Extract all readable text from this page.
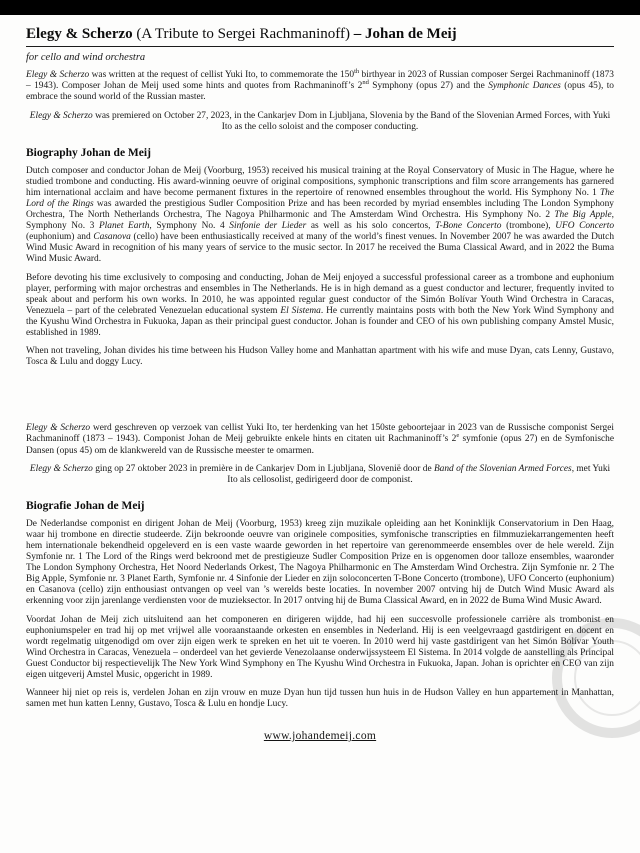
Elegy & Scherzo (A Tribute to Sergei Rachmaninoff) – Johan de Meij
for cello and wind orchestra

Elegy & Scherzo was written at the request of cellist Yuki Ito, to commemorate the 150th birthyear in 2023 of Russian composer Sergei Rachmaninoff (1873 – 1943). Composer Johan de Meij used some hints and quotes from Rachmaninoff’s 2nd Symphony (opus 27) and the Symphonic Dances (opus 45), to embrace the sound world of the Russian master.

Elegy & Scherzo was premiered on October 27, 2023, in the Cankarjev Dom in Ljubljana, Slovenia by the Band of the Slovenian Armed Forces, with Yuki Ito as the cello soloist and the composer conducting.

Biography Johan de Meij

Dutch composer and conductor Johan de Meij (Voorburg, 1953) received his musical training at the Royal Conservatory of Music in The Hague, where he studied trombone and conducting. His award-winning oeuvre of original compositions, symphonic transcriptions and film score arrangements has garnered him international acclaim and have become permanent fixtures in the repertoire of renowned ensembles throughout the world. His Symphony No. 1 The Lord of the Rings was awarded the prestigious Sudler Composition Prize and has been recorded by myriad ensembles including The London Symphony Orchestra, The North Netherlands Orchestra, The Nagoya Philharmonic and The Amsterdam Wind Orchestra. His Symphony No. 2 The Big Apple, Symphony No. 3 Planet Earth, Symphony No. 4 Sinfonie der Lieder as well as his solo concertos, T-Bone Concerto (trombone), UFO Concerto (euphonium) and Casanova (cello) have been enthusiastically received at many of the world’s finest venues. In November 2007 he was awarded the Dutch Wind Music Award in recognition of his many years of service to the music sector. In 2017 he received the Buma Classical Award, and in 2022 the Buma Wind Music Award.

Before devoting his time exclusively to composing and conducting, Johan de Meij enjoyed a successful professional career as a trombone and euphonium player, performing with major orchestras and ensembles in The Netherlands. He is in high demand as a guest conductor and lecturer, frequently invited to speak about and perform his own works. In 2010, he was appointed regular guest conductor of the Simón Bolívar Youth Wind Orchestra in Caracas, Venezuela – part of the celebrated Venezuelan educational system El Sistema. He currently maintains posts with both the New York Wind Symphony and the Kyushu Wind Orchestra in Fukuoka, Japan as their principal guest conductor. Johan is founder and CEO of his own publishing company Amstel Music, established in 1989.

When not traveling, Johan divides his time between his Hudson Valley home and Manhattan apartment with his wife and muse Dyan, cats Lenny, Gustavo, Tosca & Lulu and doggy Lucy.

Elegy & Scherzo werd geschreven op verzoek van cellist Yuki Ito, ter herdenking van het 150ste geboortejaar in 2023 van de Russische componist Sergei Rachmaninoff (1873 – 1943). Componist Johan de Meij gebruikte enkele hints en citaten uit Rachmaninoff’s 2e symfonie (opus 27) en de Symfonische Dansen (opus 45) om de klankwereld van de Russische meester te omarmen.

Elegy & Scherzo ging op 27 oktober 2023 in première in de Cankarjev Dom in Ljubljana, Slovenië door de Band of the Slovenian Armed Forces, met Yuki Ito als cellosolist, gedirigeerd door de componist.

Biografie Johan de Meij

De Nederlandse componist en dirigent Johan de Meij (Voorburg, 1953) kreeg zijn muzikale opleiding aan het Koninklijk Conservatorium in Den Haag, waar hij trombone en directie studeerde. Zijn bekroonde oeuvre van originele composities, symfonische transcripties en filmmuziekarrangementen heeft hem internationale bekendheid opgeleverd en is een vaste waarde geworden in het repertoire van gerenommeerde ensembles over de hele wereld. Zijn Symfonie nr. 1 The Lord of the Rings werd bekroond met de prestigieuze Sudler Composition Prize en is opgenomen door talloze ensembles, waaronder The London Symphony Orchestra, Het Noord Nederlands Orkest, The Nagoya Philharmonic en The Amsterdam Wind Orchestra. Zijn Symfonie nr. 2 The Big Apple, Symfonie nr. 3 Planet Earth, Symfonie nr. 4 Sinfonie der Lieder en zijn soloconcerten T-Bone Concerto (trombone), UFO Concerto (euphonium) en Casanova (cello) zijn enthousiast ontvangen op veel van ’s werelds beste locaties. In november 2007 ontving hij de Dutch Wind Music Award als erkenning voor zijn jarenlange verdiensten voor de muzieksector. In 2017 ontving hij de Buma Classical Award, en in 2022 de Buma Wind Music Award.

Voordat Johan de Meij zich uitsluitend aan het componeren en dirigeren wijdde, had hij een succesvolle professionele carrière als trombonist en euphoniumspeler en trad hij op met vrijwel alle vooraanstaande orkesten en ensembles in Nederland. Hij is een veelgevraagd gastdirigent en docent en wordt regelmatig uitgenodigd om over zijn eigen werk te spreken en het uit te voeren. In 2010 werd hij vaste gastdirigent van het Simón Bolívar Youth Wind Orchestra in Caracas, Venezuela – onderdeel van het gevierde Venezolaanse onderwijssysteem El Sistema. In 2014 volgde de aanstelling als Principal Guest Conductor bij respectievelijk The New York Wind Symphony en The Kyushu Wind Orchestra in Fukuoka, Japan. Johan is oprichter en CEO van zijn eigen uitgeverij Amstel Music, opgericht in 1989.

Wanneer hij niet op reis is, verdelen Johan en zijn vrouw en muze Dyan hun tijd tussen hun huis in de Hudson Valley en hun appartement in Manhattan, samen met hun katten Lenny, Gustavo, Tosca & Lulu en hondje Lucy.

www.johandemeij.com
